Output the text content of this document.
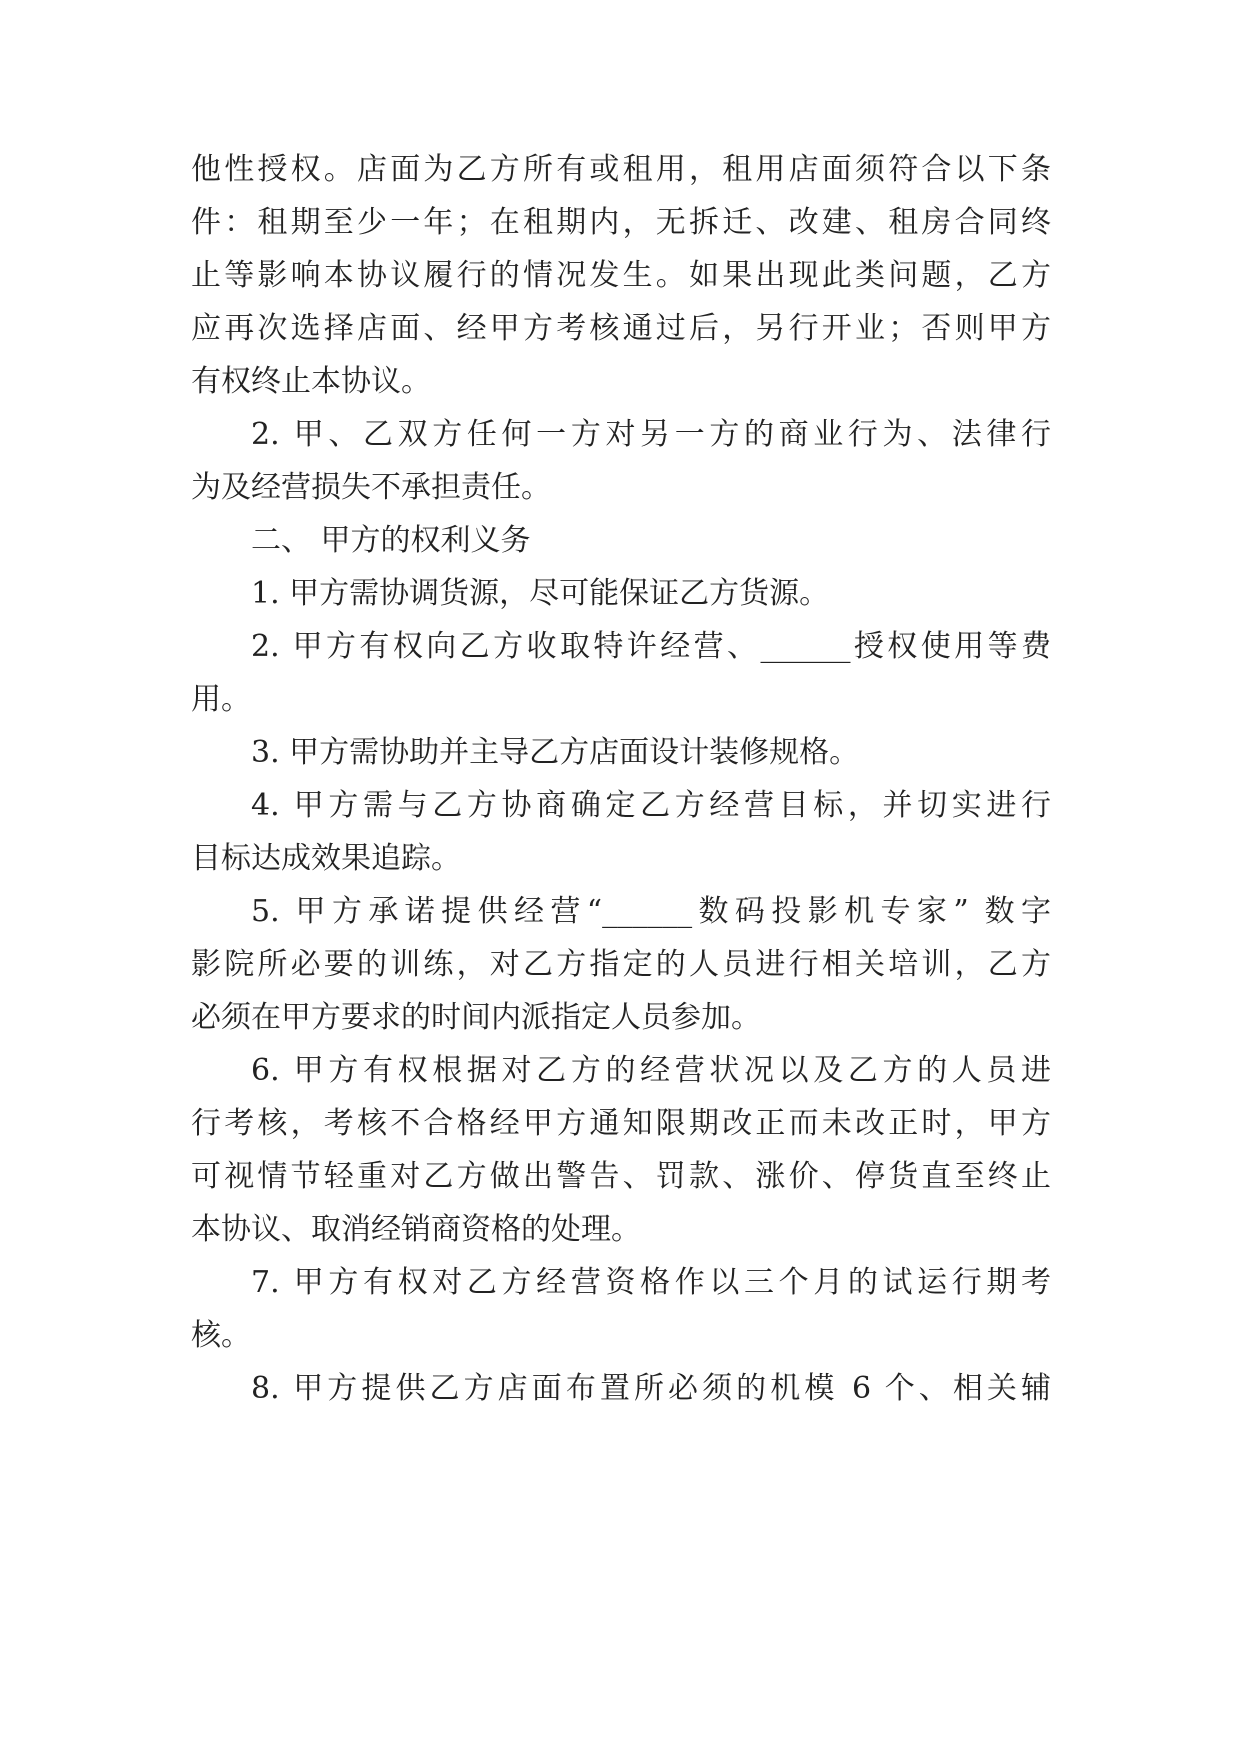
他性授权。店面为乙方所有或租用，租用店面须符合以下条
件：租期至少一年；在租期内，无拆迁、改建、租房合同终
止等影响本协议履行的情况发生。如果出现此类问题，乙方
应再次选择店面、经甲方考核通过后，另行开业；否则甲方
有权终止本协议。
2. 甲、乙双方任何一方对另一方的商业行为、法律行
为及经营损失不承担责任。
二、 甲方的权利义务
1. 甲方需协调货源，尽可能保证乙方货源。
2. 甲方有权向乙方收取特许经营、______授权使用等费
用。
3. 甲方需协助并主导乙方店面设计装修规格。
4. 甲方需与乙方协商确定乙方经营目标，并切实进行
目标达成效果追踪。
5. 甲方承诺提供经营“______数码投影机专家” 数字
影院所必要的训练，对乙方指定的人员进行相关培训，乙方
必须在甲方要求的时间内派指定人员参加。
6. 甲方有权根据对乙方的经营状况以及乙方的人员进
行考核，考核不合格经甲方通知限期改正而未改正时，甲方
可视情节轻重对乙方做出警告、罚款、涨价、停货直至终止
本协议、取消经销商资格的处理。
7. 甲方有权对乙方经营资格作以三个月的试运行期考
核。
8. 甲方提供乙方店面布置所必须的机模 6 个、相关辅
